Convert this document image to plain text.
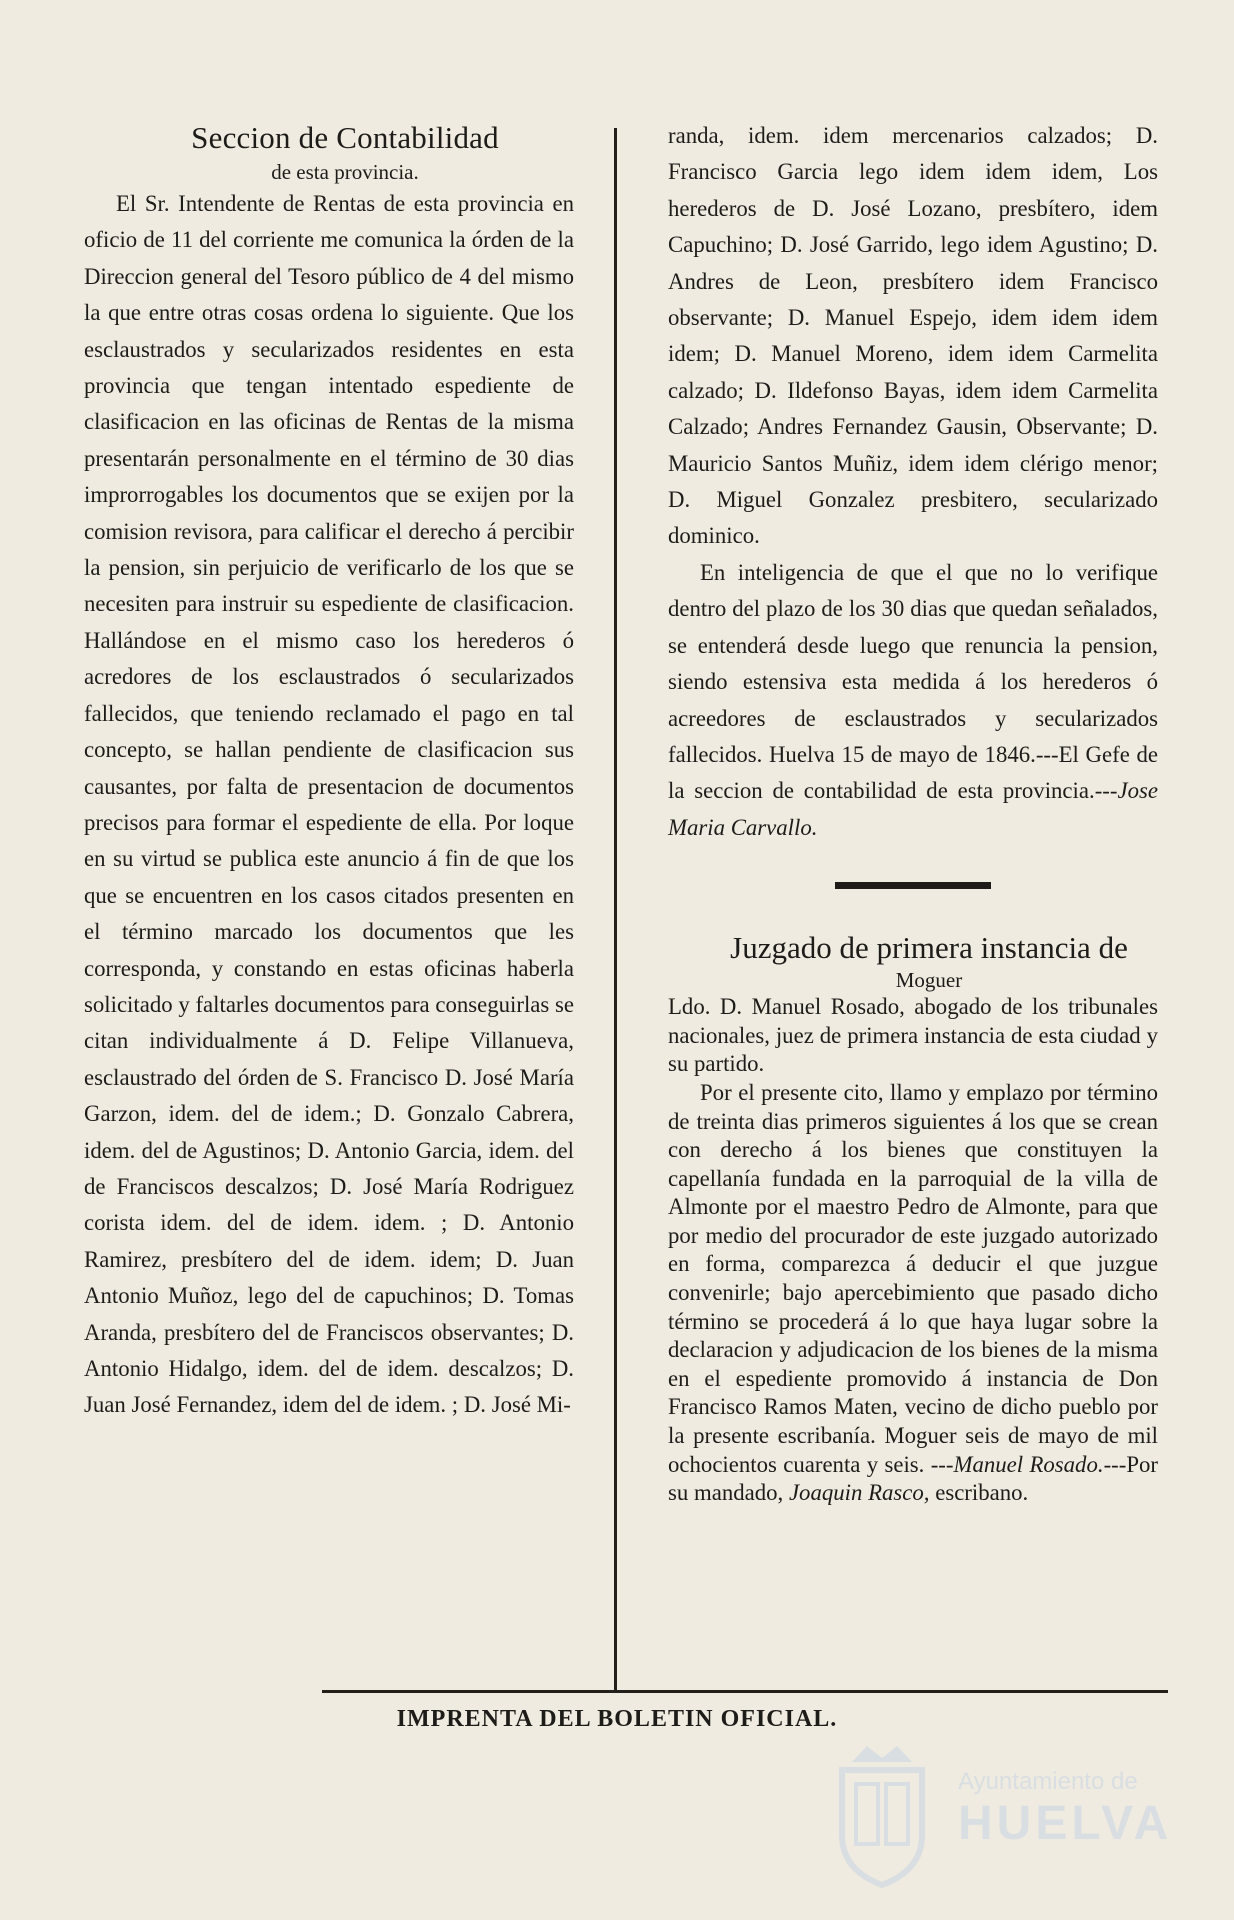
Seccion de Contabilidad

de esta provincia.

El Sr. Intendente de Rentas de esta provincia en oficio de 11 del corriente me comunica la órden de la Direccion general del Tesoro público de 4 del mismo la que entre otras cosas ordena lo siguiente. Que los esclaustrados y secularizados residentes en esta provincia que tengan intentado espediente de clasificacion en las oficinas de Rentas de la misma presentarán personalmente en el término de 30 dias improrrogables los documentos que se exijen por la comision revisora, para calificar el derecho á percibir la pension, sin perjuicio de verificarlo de los que se necesiten para instruir su espediente de clasificacion. Hallándose en el mismo caso los herederos ó acredores de los esclaustrados ó secularizados fallecidos, que teniendo reclamado el pago en tal concepto, se hallan pendiente de clasificacion sus causantes, por falta de presentacion de documentos precisos para formar el espediente de ella. Por loque en su virtud se publica este anuncio á fin de que los que se encuentren en los casos citados presenten en el término marcado los documentos que les corresponda, y constando en estas oficinas haberla solicitado y faltarles documentos para conseguirlas se citan individualmente á D. Felipe Villanueva, esclaustrado del órden de S. Francisco D. José María Garzon, idem. del de idem.; D. Gonzalo Cabrera, idem. del de Agustinos; D. Antonio Garcia, idem. del de Franciscos descalzos; D. José María Rodriguez corista idem. del de idem. idem. ; D. Antonio Ramirez, presbítero del de idem. idem; D. Juan Antonio Muñoz, lego del de capuchinos; D. Tomas Aranda, presbítero del de Franciscos observantes; D. Antonio Hidalgo, idem. del de idem. descalzos; D. Juan José Fernandez, idem del de idem. ; D. José Mi-

randa, idem. idem mercenarios calzados; D. Francisco Garcia lego idem idem idem, Los herederos de D. José Lozano, presbítero, idem Capuchino; D. José Garrido, lego idem Agustino; D. Andres de Leon, presbítero idem Francisco observante; D. Manuel Espejo, idem idem idem idem; D. Manuel Moreno, idem idem Carmelita calzado; D. Ildefonso Bayas, idem idem Carmelita Calzado; Andres Fernandez Gausin, Observante; D. Mauricio Santos Muñiz, idem idem clérigo menor; D. Miguel Gonzalez presbitero, secularizado dominico.

En inteligencia de que el que no lo verifique dentro del plazo de los 30 dias que quedan señalados, se entenderá desde luego que renuncia la pension, siendo estensiva esta medida á los herederos ó acreedores de esclaustrados y secularizados fallecidos. Huelva 15 de mayo de 1846.---El Gefe de la seccion de contabilidad de esta provincia.---Jose Maria Carvallo.

Juzgado de primera instancia de

Moguer

Ldo. D. Manuel Rosado, abogado de los tribunales nacionales, juez de primera instancia de esta ciudad y su partido.

Por el presente cito, llamo y emplazo por término de treinta dias primeros siguientes á los que se crean con derecho á los bienes que constituyen la capellanía fundada en la parroquial de la villa de Almonte por el maestro Pedro de Almonte, para que por medio del procurador de este juzgado autorizado en forma, comparezca á deducir el que juzgue convenirle; bajo apercebimiento que pasado dicho término se procederá á lo que haya lugar sobre la declaracion y adjudicacion de los bienes de la misma en el espediente promovido á instancia de Don Francisco Ramos Maten, vecino de dicho pueblo por la presente escribanía. Moguer seis de mayo de mil ochocientos cuarenta y seis. ---Manuel Rosado.---Por su mandado, Joaquin Rasco, escribano.

IMPRENTA DEL BOLETIN OFICIAL.
Ayuntamiento de
HUELVA
